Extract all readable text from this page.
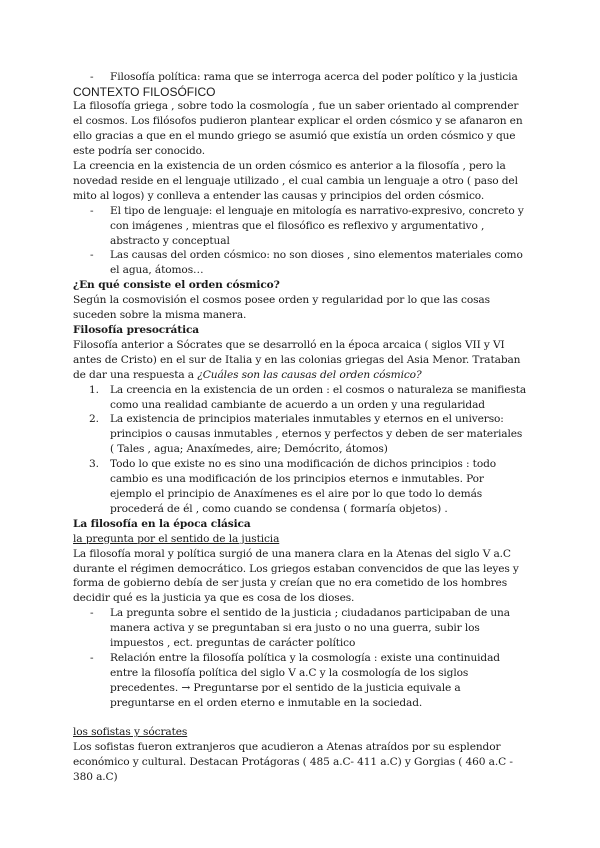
- Filosofía política: rama que se interroga acerca del poder político y la justicia

CONTEXTO FILOSÓFICO

La filosofía griega , sobre todo la cosmología , fue un saber orientado al comprender el cosmos. Los filósofos pudieron plantear explicar el orden cósmico y se afanaron en ello gracias a que en el mundo griego se asumió que existía un orden cósmico y que este podría ser conocido.

La creencia en la existencia de un orden cósmico es anterior a la filosofía , pero la novedad reside en el lenguaje utilizado , el cual cambia un lenguaje a otro ( paso del mito al logos) y conlleva a entender las causas y principios del orden cósmico.

- El tipo de lenguaje: el lenguaje en mitología es narrativo-expresivo, concreto y con imágenes , mientras que el filosófico es reflexivo y argumentativo , abstracto y conceptual
- Las causas del orden cósmico: no son dioses , sino elementos materiales como el agua, átomos…

¿En qué consiste el orden cósmico?

Según la cosmovisión el cosmos posee orden y regularidad por lo que las cosas suceden sobre la misma manera.

Filosofía presocrática

Filosofía anterior a Sócrates que se desarrolló en la época arcaica ( siglos VII y VI antes de Cristo) en el sur de Italia y en las colonias griegas del Asia Menor. Trataban de dar una respuesta a ¿Cuáles son las causas del orden cósmico?

1. La creencia en la existencia de un orden : el cosmos o naturaleza se manifiesta como una realidad cambiante de acuerdo a un orden y una regularidad
2. La existencia de principios materiales inmutables y eternos en el universo: principios o causas inmutables , eternos y perfectos y deben de ser materiales ( Tales , agua; Anaxímedes, aire; Demócrito, átomos)
3. Todo lo que existe no es sino una modificación de dichos principios : todo cambio es una modificación de los principios eternos e inmutables. Por ejemplo el principio de Anaxímenes es el aire por lo que todo lo demás procederá de él , como cuando se condensa ( formaría objetos) .

La filosofía en la época clásica

la pregunta por el sentido de la justicia

La filosofía moral y política surgió de una manera clara en la Atenas del siglo V a.C durante el régimen democrático. Los griegos estaban convencidos de que las leyes y forma de gobierno debía de ser justa y creían que no era cometido de los hombres decidir qué es la justicia ya que es cosa de los dioses.

- La pregunta sobre el sentido de la justicia ; ciudadanos participaban de una manera activa y se preguntaban si era justo o no una guerra, subir los impuestos , ect. preguntas de carácter político
- Relación entre la filosofía política y la cosmología : existe una continuidad entre la filosofía política del siglo V a.C y la cosmología de los siglos precedentes. → Preguntarse por el sentido de la justicia equivale a preguntarse en el orden eterno e inmutable en la sociedad.

los sofistas y sócrates

Los sofistas fueron extranjeros que acudieron a Atenas atraídos por su esplendor económico y cultural. Destacan Protágoras ( 485 a.C- 411 a.C) y Gorgias ( 460 a.C - 380 a.C)
